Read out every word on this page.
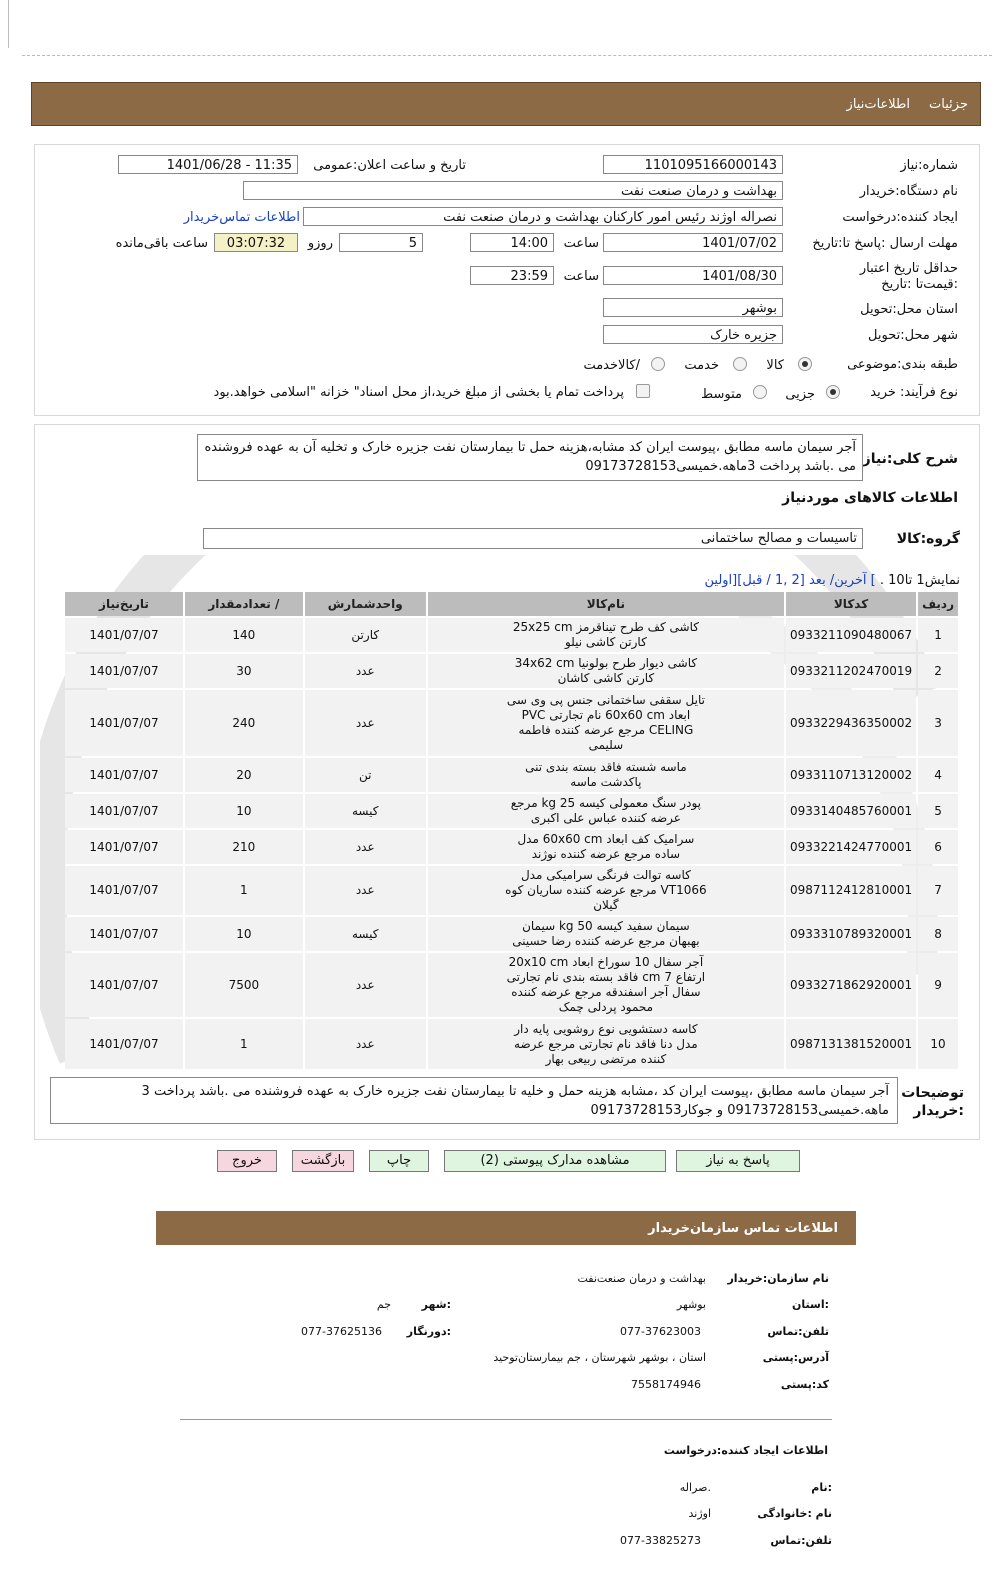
جزئیات
اطلاعات‌نیاز
شماره:نیاز
1101095166000143
تاریخ و ساعت اعلان:عمومی
1401/06/28 - 11:35
نام دستگاه:خریدار
بهداشت و درمان صنعت نفت
ایجاد کننده:درخواست
نصراله اوژند رئیس امور کارکنان بهداشت و درمان صنعت نفت
اطلاعات تماس‌خریدار
مهلت ارسال :پاسخ تا:تاریخ
1401/07/02
ساعت
14:00
5
روزو
03:07:32
ساعت باقی‌مانده
حداقل تاریخ اعتبار :قیمت‌تا :تاریخ
1401/08/30
ساعت
23:59
استان محل:تحویل
بوشهر
شهر محل:تحویل
جزیره خارک
طبقه بندی:موضوعی
کالا
خدمت
/کالاخدمت
نوع فرآیند: خرید
جزیی
متوسط
پرداخت تمام یا بخشی از مبلغ خرید،از محل اسناد" خزانه "اسلامی خواهد.بود
شرح کلی:نیاز
آجر سیمان ماسه مطابق ،پیوست ایران کد مشابه،هزینه حمل تا بیمارستان نفت جزیره خارک و تخلیه آن به عهده فروشنده می .باشد پرداخت 3ماهه.خمیسی09173728153
اطلاعات کالاهای مورد‌نیاز
گروه:کالا
تاسیسات و مصالح ساختمانی
نمایش1 تا10 . ] آخرین/ بعد [2 ,1 / قبل][اولین
ردیف	کدکالا	نام‌کالا	واحدشمارش	/ تعدادمقدار	تاریخ‌نیاز
1	0933211090480067	کاشی کف طرح تیناقرمز 25x25 cm کارتن کاشی نیلو	کارتن	140	1401/07/07
2	0933211202470019	کاشی دیوار طرح بولونیا 34x62 cm کارتن کاشی کاشان	عدد	30	1401/07/07
3	0933229436350002	تایل سقفی ساختمانی جنس پی وی سی ابعاد 60x60 cm نام تجارتی PVC CELING مرجع عرضه کننده فاطمه سلیمی	عدد	240	1401/07/07
4	0933110713120002	ماسه شسته فاقد بسته بندی تنی پاکدشت ماسه	تن	20	1401/07/07
5	0933140485760001	پودر سنگ معمولی کیسه 25 kg مرجع عرضه کننده عباس علی اکبری	کیسه	10	1401/07/07
6	0933221424770001	سرامیک کف ابعاد 60x60 cm مدل ساده مرجع عرضه کننده نوژند	عدد	210	1401/07/07
7	0987112412810001	کاسه توالت فرنگی سرامیکی مدل VT1066 مرجع عرضه کننده ساریان کوه گیلان	عدد	1	1401/07/07
8	0933310789320001	سیمان سفید کیسه 50 kg سیمان بهبهان مرجع عرضه کننده رضا حسینی	کیسه	10	1401/07/07
9	0933271862920001	آجر سفال 10 سوراخ ابعاد 20x10 cm ارتفاع 7 cm فاقد بسته بندی نام تجارتی سفال آجر اسفندقه مرجع عرضه کننده محمود پردلی چمک	عدد	7500	1401/07/07
10	0987131381520001	کاسه دستشویی نوع روشویی پایه دار مدل دنا فاقد نام تجارتی مرجع عرضه کننده مرتضی ربیعی بهار	عدد	1	1401/07/07
توضیحات :خریدار
آجر سیمان ماسه مطابق ،پیوست ایران کد ،مشابه هزینه حمل و خلیه تا بیمارستان نفت جزیره خارک به عهده فروشنده می .باشد پرداخت 3 ماهه.خمیسی09173728153 و جوکار09173728153
پاسخ به نیاز
مشاهده مدارک پیوستی (2)
چاپ
بازگشت
خروج
اطلاعات تماس سازمان‌خریدار
نام سازمان:خریدار
بهداشت و درمان صنعت‌نفت
:استان
بوشهر
:شهر
جم
تلفن:تماس
077-37623003
:دورنگار
077-37625136
آدرس:پستی
استان ، بوشهر شهرستان ، جم بیمارستان‌توحید
کد:پستی
7558174946
اطلاعات ایجاد کننده:درخواست
:نام
.صراله
نام :خانوادگی
اوژند
تلفن:تماس
077-33825273
